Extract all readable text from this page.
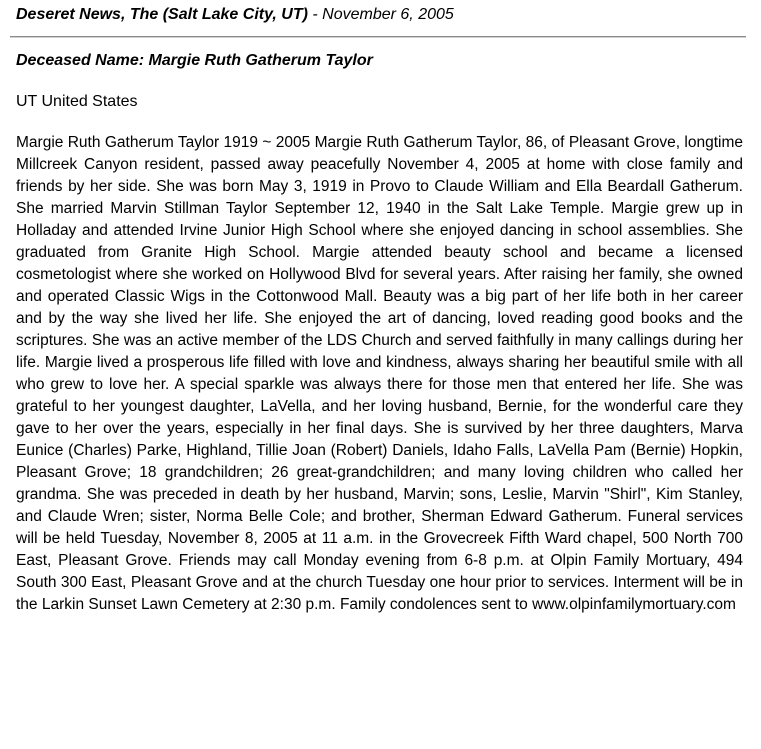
Deseret News, The (Salt Lake City, UT) - November 6, 2005
Deceased Name: Margie Ruth Gatherum Taylor
UT United States

Margie Ruth Gatherum Taylor 1919 ~ 2005 Margie Ruth Gatherum Taylor, 86, of Pleasant Grove, longtime Millcreek Canyon resident, passed away peacefully November 4, 2005 at home with close family and friends by her side. She was born May 3, 1919 in Provo to Claude William and Ella Beardall Gatherum. She married Marvin Stillman Taylor September 12, 1940 in the Salt Lake Temple. Margie grew up in Holladay and attended Irvine Junior High School where she enjoyed dancing in school assemblies. She graduated from Granite High School. Margie attended beauty school and became a licensed cosmetologist where she worked on Hollywood Blvd for several years. After raising her family, she owned and operated Classic Wigs in the Cottonwood Mall. Beauty was a big part of her life both in her career and by the way she lived her life. She enjoyed the art of dancing, loved reading good books and the scriptures. She was an active member of the LDS Church and served faithfully in many callings during her life. Margie lived a prosperous life filled with love and kindness, always sharing her beautiful smile with all who grew to love her. A special sparkle was always there for those men that entered her life. She was grateful to her youngest daughter, LaVella, and her loving husband, Bernie, for the wonderful care they gave to her over the years, especially in her final days. She is survived by her three daughters, Marva Eunice (Charles) Parke, Highland, Tillie Joan (Robert) Daniels, Idaho Falls, LaVella Pam (Bernie) Hopkin, Pleasant Grove; 18 grandchildren; 26 great-grandchildren; and many loving children who called her grandma. She was preceded in death by her husband, Marvin; sons, Leslie, Marvin "Shirl", Kim Stanley, and Claude Wren; sister, Norma Belle Cole; and brother, Sherman Edward Gatherum. Funeral services will be held Tuesday, November 8, 2005 at 11 a.m. in the Grovecreek Fifth Ward chapel, 500 North 700 East, Pleasant Grove. Friends may call Monday evening from 6-8 p.m. at Olpin Family Mortuary, 494 South 300 East, Pleasant Grove and at the church Tuesday one hour prior to services. Interment will be in the Larkin Sunset Lawn Cemetery at 2:30 p.m. Family condolences sent to www.olpinfamilymortuary.com
